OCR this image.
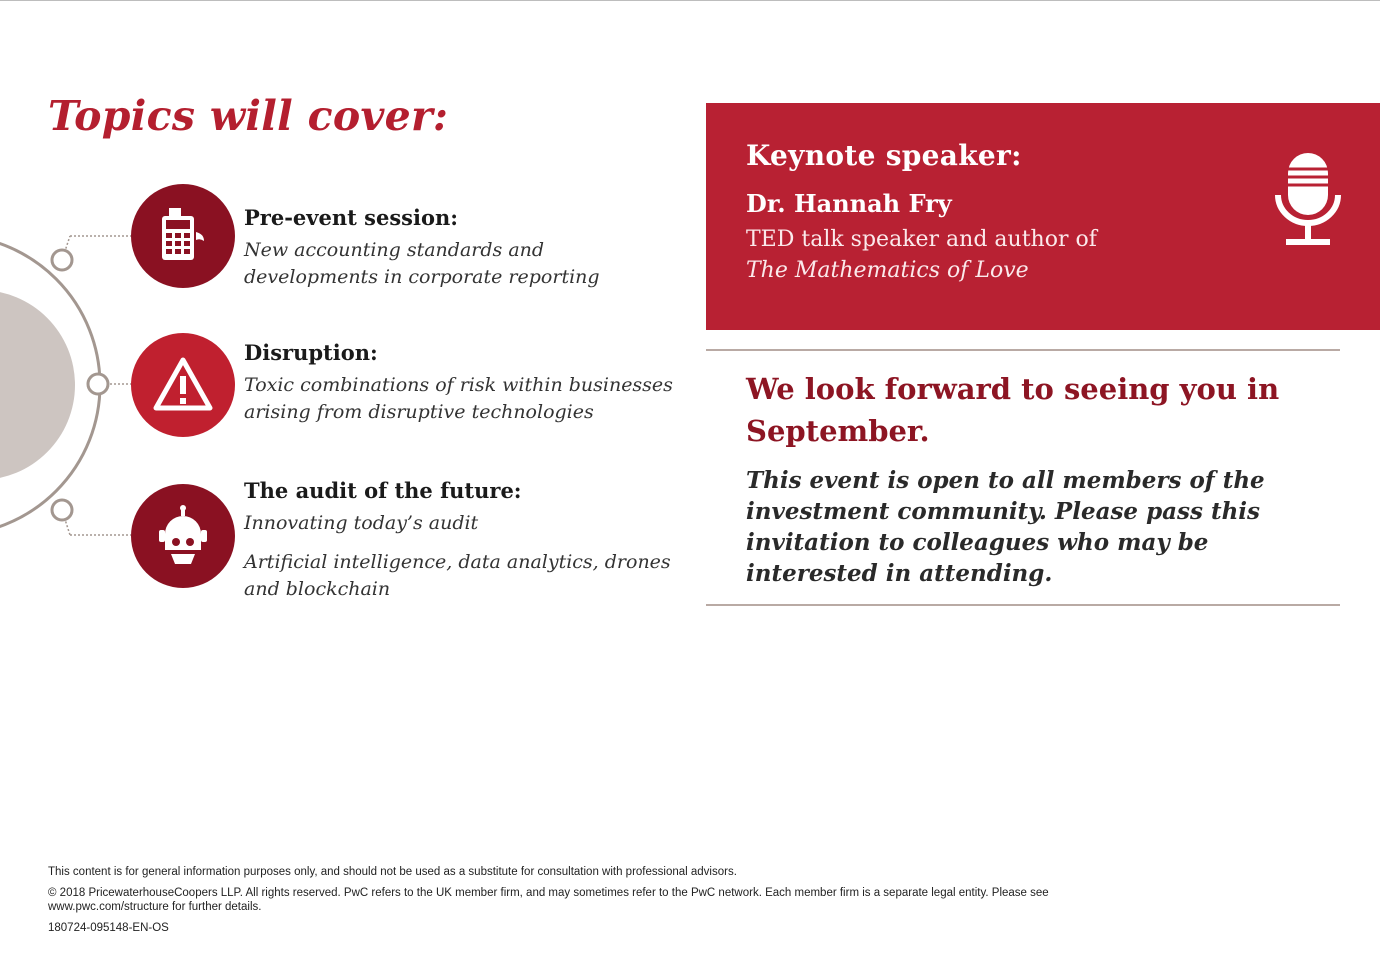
Topics will cover:

Pre-event session:

New accounting standards and developments in corporate reporting

Disruption:

Toxic combinations of risk within businesses arising from disruptive technologies

The audit of the future:

Innovating today’s audit

Artificial intelligence, data analytics, drones and blockchain

Keynote speaker:

Dr. Hannah Fry

TED talk speaker and author of
The Mathematics of Love

We look forward to seeing you in September.

This event is open to all members of the investment community. Please pass this invitation to colleagues who may be interested in attending.

This content is for general information purposes only, and should not be used as a substitute for consultation with professional advisors.
© 2018 PricewaterhouseCoopers LLP. All rights reserved. PwC refers to the UK member firm, and may sometimes refer to the PwC network. Each member firm is a separate legal entity. Please see www.pwc.com/structure for further details.
180724-095148-EN-OS
